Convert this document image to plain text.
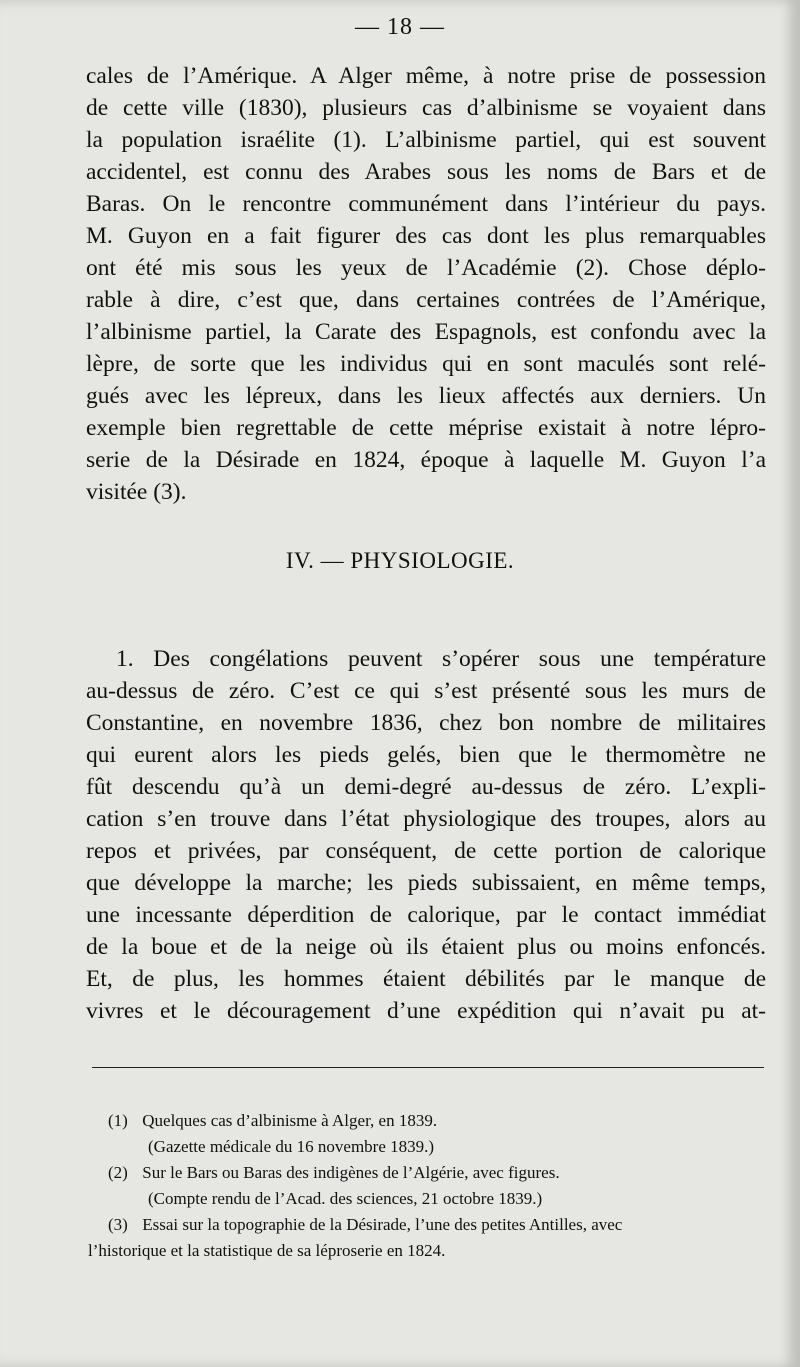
— 18 —
cales de l’Amérique. A Alger même, à notre prise de possession
de cette ville (1830), plusieurs cas d’albinisme se voyaient dans
la population israélite (1). L’albinisme partiel, qui est souvent
accidentel, est connu des Arabes sous les noms de Bars et de
Baras. On le rencontre communément dans l’intérieur du pays.
M. Guyon en a fait figurer des cas dont les plus remarquables
ont été mis sous les yeux de l’Académie (2). Chose déplo-
rable à dire, c’est que, dans certaines contrées de l’Amérique,
l’albinisme partiel, la Carate des Espagnols, est confondu avec la
lèpre, de sorte que les individus qui en sont maculés sont relé-
gués avec les lépreux, dans les lieux affectés aux derniers. Un
exemple bien regrettable de cette méprise existait à notre lépro-
serie de la Désirade en 1824, époque à laquelle M. Guyon l’a
visitée (3).
IV. — PHYSIOLOGIE.
1. Des congélations peuvent s’opérer sous une température
au-dessus de zéro. C’est ce qui s’est présenté sous les murs de
Constantine, en novembre 1836, chez bon nombre de militaires
qui eurent alors les pieds gelés, bien que le thermomètre ne
fût descendu qu’à un demi-degré au-dessus de zéro. L’expli-
cation s’en trouve dans l’état physiologique des troupes, alors au
repos et privées, par conséquent, de cette portion de calorique
que développe la marche; les pieds subissaient, en même temps,
une incessante déperdition de calorique, par le contact immédiat
de la boue et de la neige où ils étaient plus ou moins enfoncés.
Et, de plus, les hommes étaient débilités par le manque de
vivres et le découragement d’une expédition qui n’avait pu at-
(1) Quelques cas d’albinisme à Alger, en 1839.
(Gazette médicale du 16 novembre 1839.)
(2) Sur le Bars ou Baras des indigènes de l’Algérie, avec figures.
(Compte rendu de l’Acad. des sciences, 21 octobre 1839.)
(3) Essai sur la topographie de la Désirade, l’une des petites Antilles, avec
l’historique et la statistique de sa léproserie en 1824.
